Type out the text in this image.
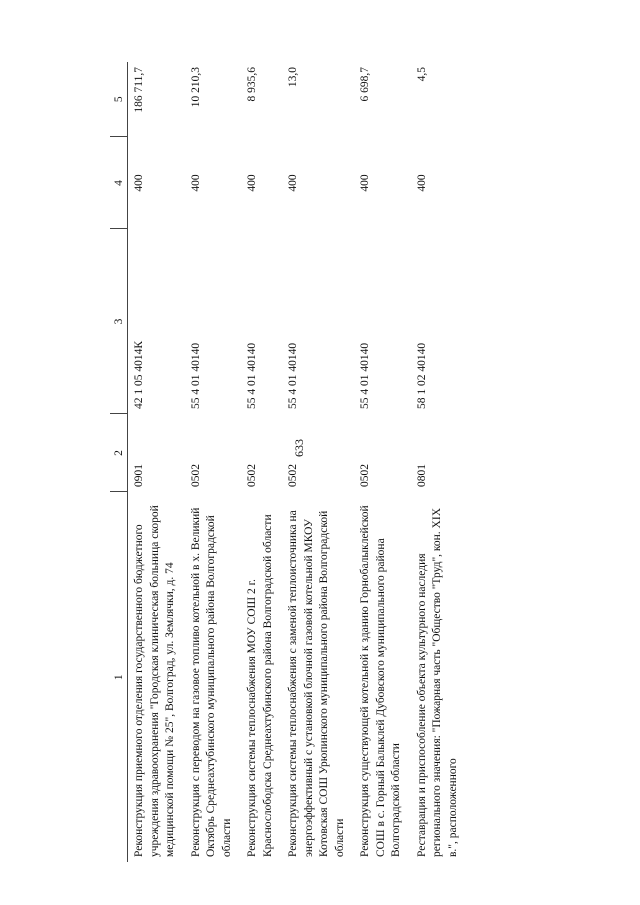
633
1	2	3	4	5
Реконструкция приемного отделения государственного бюджетного учреждения здравоохранения "Городская клиническая больница скорой медицинской помощи № 25", Волгоград, ул. Землячки, д. 74	0901	42 1 05 4014К	400	186 711,7
Реконструкция с переводом на газовое топливо котельной в х. Великий Октябрь Среднеахтубинского муниципального района Волгоградской области	0502	55 4 01 40140	400	10 210,3
Реконструкция системы теплоснабжения МОУ СОШ 2 г. Краснослободска Среднеахтубинского района Волгоградской области	0502	55 4 01 40140	400	8 935,6
Реконструкция системы теплоснабжения с заменой теплоисточника на энергоэффективный с установкой блочной газовой котельной МКОУ Котовская СОШ Урюпинского муниципального района Волгоградской области	0502	55 4 01 40140	400	13,0
Реконструкция существующей котельной к зданию Горнобалыклейской СОШ в с. Горный Балыклей Дубовского муниципального района Волгоградской области	0502	55 4 01 40140	400	6 698,7
Реставрация и приспособление объекта культурного наследия регионального значения: "Пожарная часть "Общество "Труд", кон. XIX в.", расположенного	0801	58 1 02 40140	400	4,5
